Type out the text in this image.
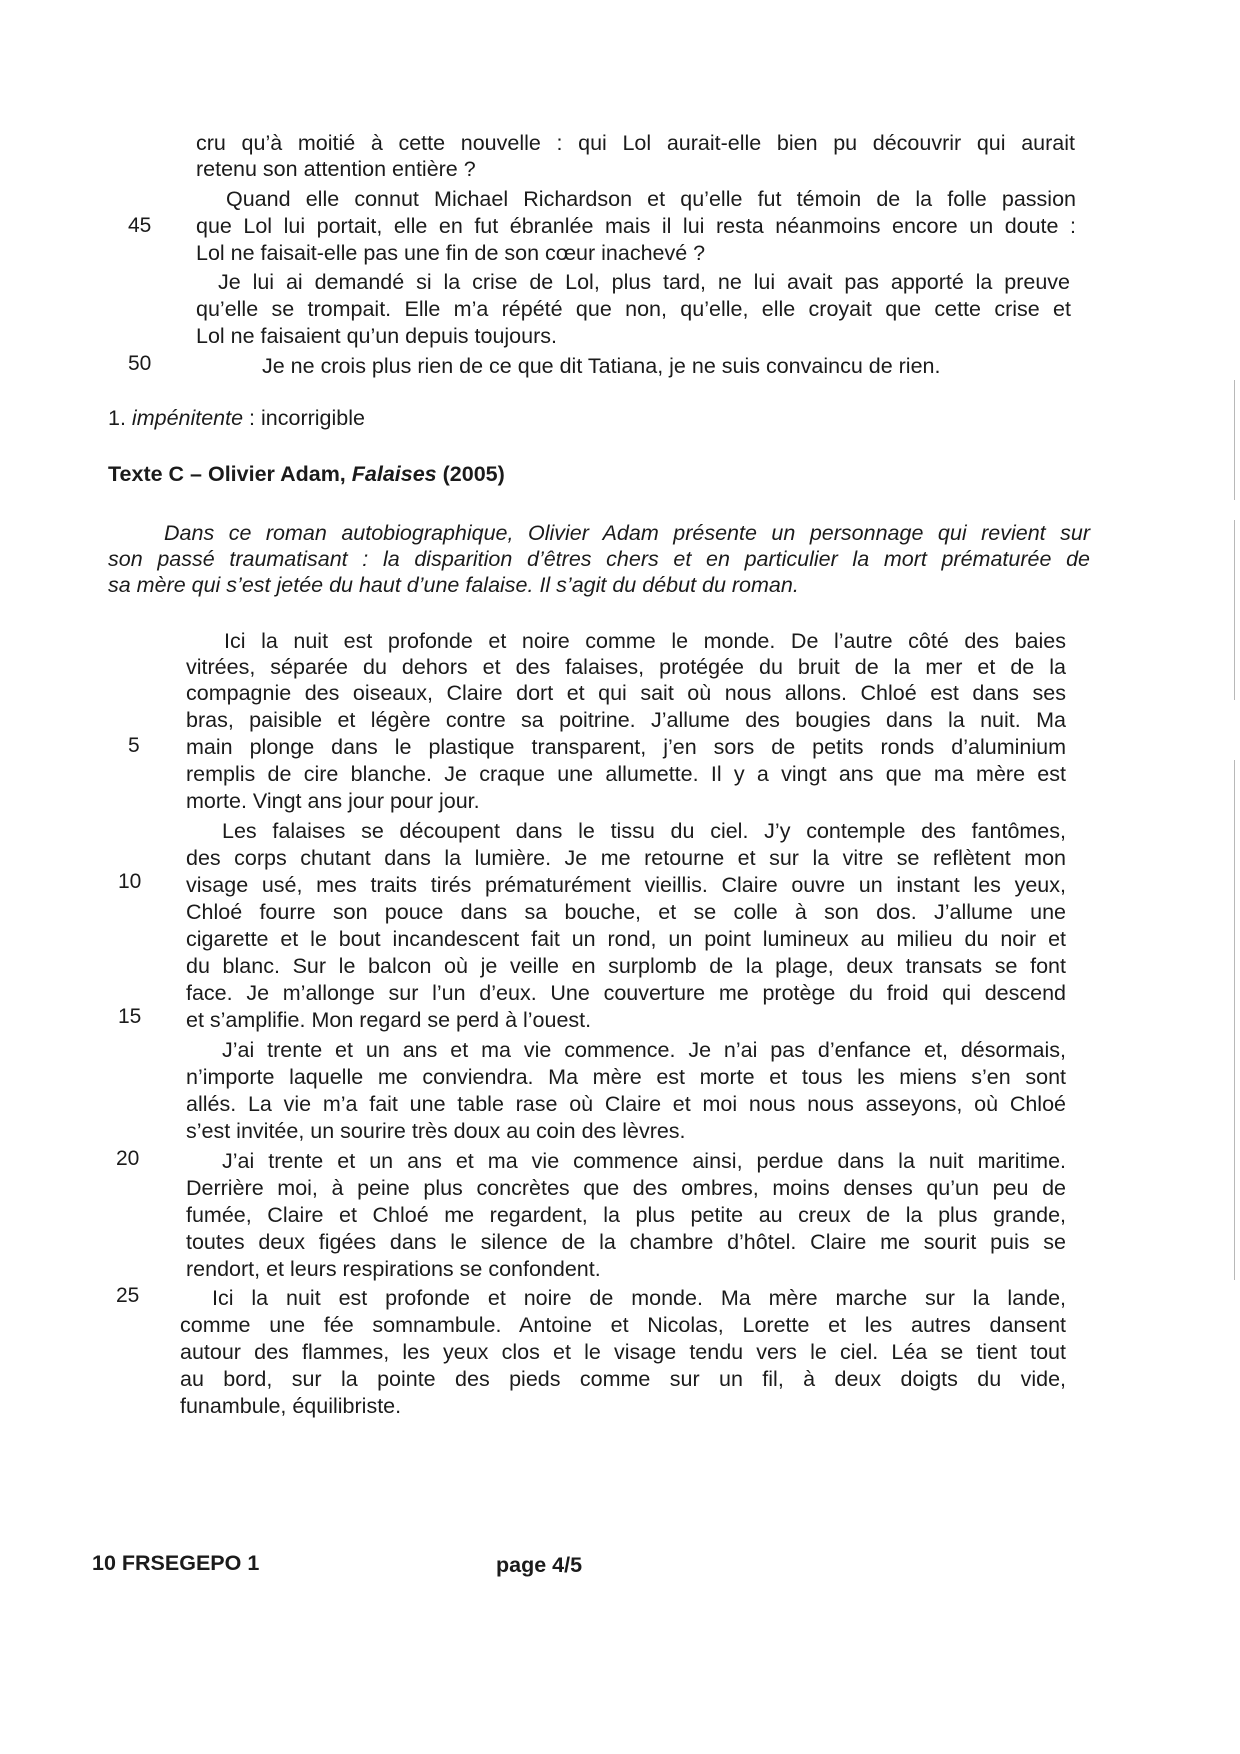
cru qu’à moitié à cette nouvelle : qui Lol aurait-elle bien pu découvrir qui aurait
retenu son attention entière ?
Quand elle connut Michael Richardson et qu’elle fut témoin de la folle passion
que Lol lui portait, elle en fut ébranlée mais il lui resta néanmoins encore un doute :
Lol ne faisait-elle pas une fin de son cœur inachevé ?
Je lui ai demandé si la crise de Lol, plus tard, ne lui avait pas apporté la preuve
qu’elle se trompait. Elle m’a répété que non, qu’elle, elle croyait que cette crise et
Lol ne faisaient qu’un depuis toujours.
Je ne crois plus rien de ce que dit Tatiana, je ne suis convaincu de rien.
45
50
1. impénitente : incorrigible
Texte C – Olivier Adam, Falaises (2005)
Dans ce roman autobiographique, Olivier Adam présente un personnage qui revient sur
son passé traumatisant : la disparition d’êtres chers et en particulier la mort prématurée de
sa mère qui s’est jetée du haut d’une falaise. Il s’agit du début du roman.
Ici la nuit est profonde et noire comme le monde. De l’autre côté des baies
vitrées, séparée du dehors et des falaises, protégée du bruit de la mer et de la
compagnie des oiseaux, Claire dort et qui sait où nous allons. Chloé est dans ses
bras, paisible et légère contre sa poitrine. J’allume des bougies dans la nuit. Ma
main plonge dans le plastique transparent, j’en sors de petits ronds d’aluminium
remplis de cire blanche. Je craque une allumette. Il y a vingt ans que ma mère est
morte. Vingt ans jour pour jour.
Les falaises se découpent dans le tissu du ciel. J’y contemple des fantômes,
des corps chutant dans la lumière. Je me retourne et sur la vitre se reflètent mon
visage usé, mes traits tirés prématurément vieillis. Claire ouvre un instant les yeux,
Chloé fourre son pouce dans sa bouche, et se colle à son dos. J’allume une
cigarette et le bout incandescent fait un rond, un point lumineux au milieu du noir et
du blanc. Sur le balcon où je veille en surplomb de la plage, deux transats se font
face. Je m’allonge sur l’un d’eux. Une couverture me protège du froid qui descend
et s’amplifie. Mon regard se perd à l’ouest.
J’ai trente et un ans et ma vie commence. Je n’ai pas d’enfance et, désormais,
n’importe laquelle me conviendra. Ma mère est morte et tous les miens s’en sont
allés. La vie m’a fait une table rase où Claire et moi nous nous asseyons, où Chloé
s’est invitée, un sourire très doux au coin des lèvres.
J’ai trente et un ans et ma vie commence ainsi, perdue dans la nuit maritime.
Derrière moi, à peine plus concrètes que des ombres, moins denses qu’un peu de
fumée, Claire et Chloé me regardent, la plus petite au creux de la plus grande,
toutes deux figées dans le silence de la chambre d’hôtel. Claire me sourit puis se
rendort, et leurs respirations se confondent.
Ici la nuit est profonde et noire de monde. Ma mère marche sur la lande,
comme une fée somnambule. Antoine et Nicolas, Lorette et les autres dansent
autour des flammes, les yeux clos et le visage tendu vers le ciel. Léa se tient tout
au bord, sur la pointe des pieds comme sur un fil, à deux doigts du vide,
funambule, équilibriste.
5
10
15
20
25
10 FRSEGEPO 1	page 4/5
